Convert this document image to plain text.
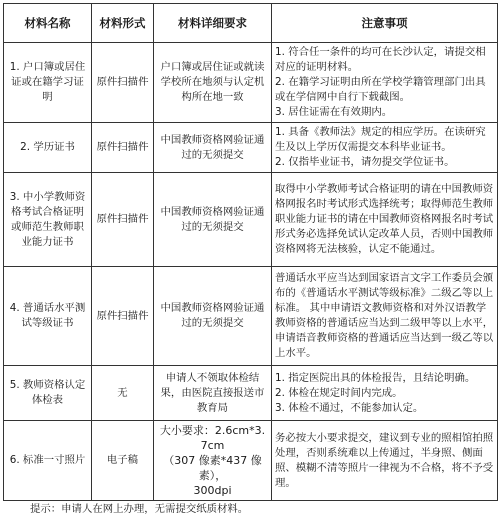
材料名称	材料形式	材料详细要求	注意事项
1. 户口簿或居住证或在籍学习证明	原件扫描件	户口簿或居住证或就读学校所在地须与认定机构所在地一致	1. 符合任一条件的均可在长沙认定，请提交相对应的证明材料。
2. 在籍学习证明由所在学校学籍管理部门出具或在学信网中自行下载截图。
3. 居住证需在有效期内。

2. 学历证书	原件扫描件	中国教师资格网验证通过的无须提交	1. 具备《教师法》规定的相应学历。在读研究生及以上学历仅需提交本科毕业证书。
2. 仅指毕业证书，请勿提交学位证书。

3. 中小学教师资格考试合格证明或师范生教师职业能力证书	原件扫描件	中国教师资格网验证通过的无须提交	取得中小学教师考试合格证明的请在中国教师资格网报名时考试形式选择统考；取得师范生教师职业能力证书的请在中国教师资格网报名时考试形式务必选择免试认定改革人员，否则中国教师资格网将无法核验，认定不能通过。

4. 普通话水平测试等级证书	原件扫描件	中国教师资格网验证通过的无须提交	普通话水平应当达到国家语言文字工作委员会颁布的《普通话水平测试等级标准》二级乙等以上标准。 其中申请语文教师资格和对外汉语教学教师资格的普通话应当达到二级甲等以上水平，申请语音教师资格的普通话应当达到一级乙等以上水平。

5. 教师资格认定体检表	无	申请人不领取体检结果，由医院直接报送市教育局	1. 指定医院出具的体检报告，且结论明确。
2. 体检在规定时间内完成。
3. 体检不通过，不能参加认定。

6. 标准一寸照片	电子稿	大小要求：2.6cm*3.7cm
（307 像素*437 像素），
300dpi	务必按大小要求提交，建议到专业的照相馆拍照处理，否则系统难以上传通过，半身照、侧面照、模糊不清等照片一律视为不合格，将不予受理。
提示：申请人在网上办理，无需提交纸质材料。
